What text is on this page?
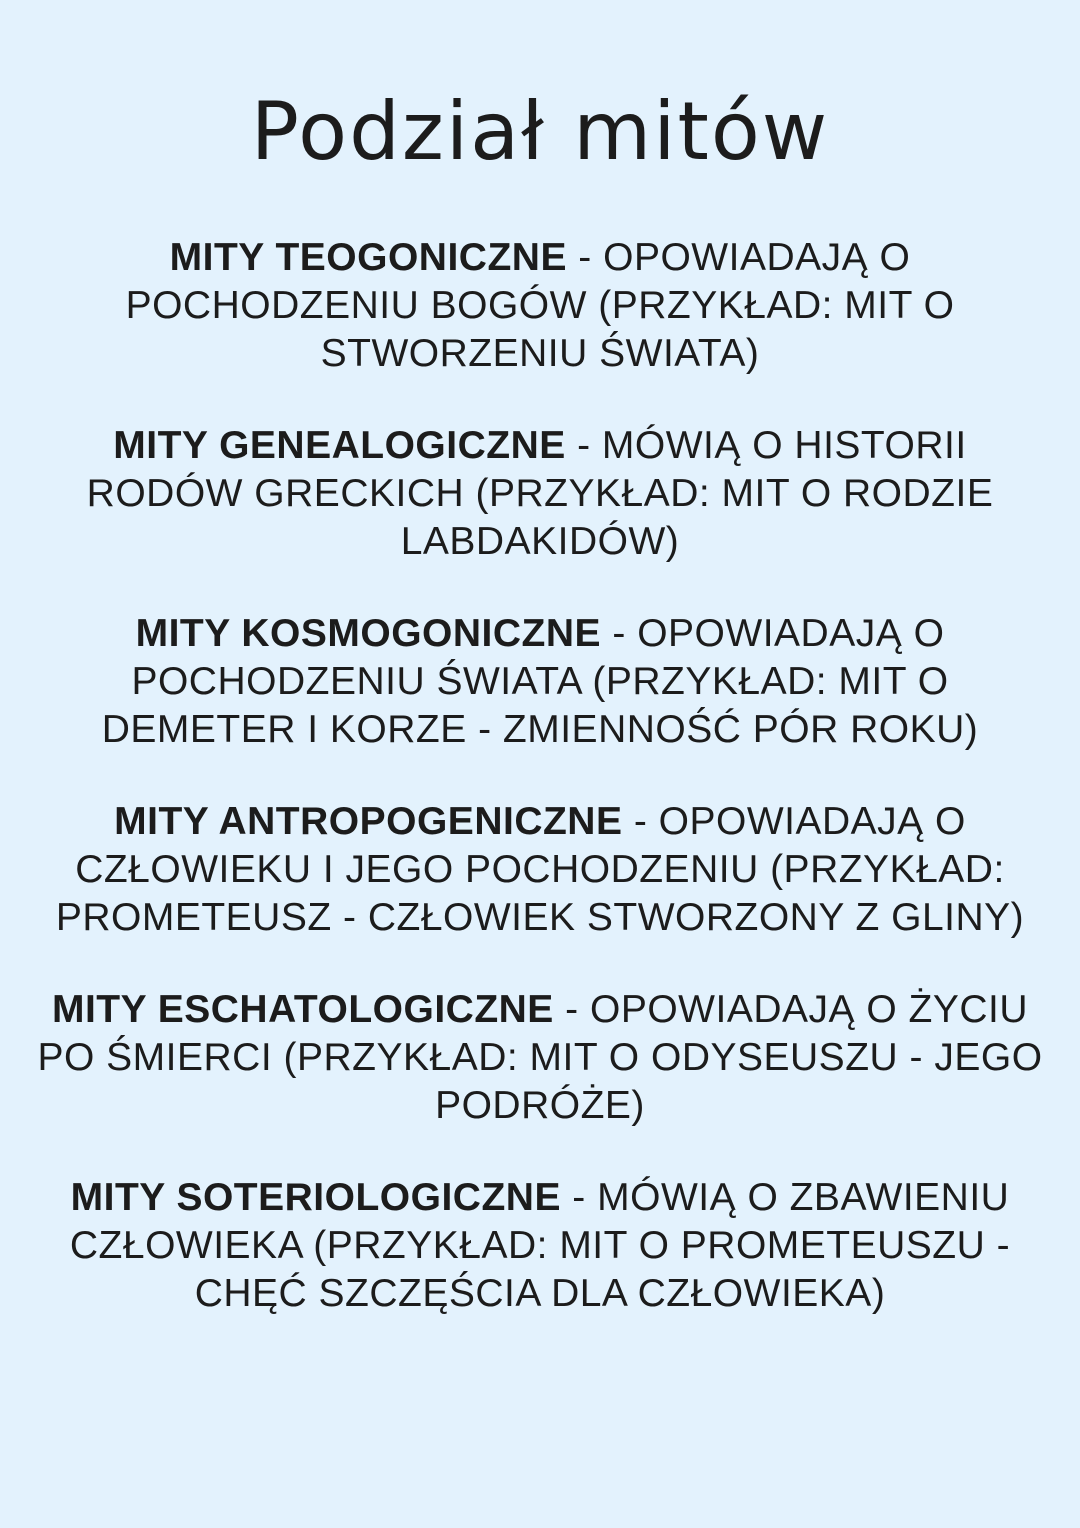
Podział mitów

MITY TEOGONICZNE - OPOWIADAJĄ O
POCHODZENIU BOGÓW (PRZYKŁAD: MIT O
STWORZENIU ŚWIATA)

MITY GENEALOGICZNE - MÓWIĄ O HISTORII
RODÓW GRECKICH (PRZYKŁAD: MIT O RODZIE
LABDAKIDÓW)

MITY KOSMOGONICZNE - OPOWIADAJĄ O
POCHODZENIU ŚWIATA (PRZYKŁAD: MIT O
DEMETER I KORZE - ZMIENNOŚĆ PÓR ROKU)

MITY ANTROPOGENICZNE - OPOWIADAJĄ O
CZŁOWIEKU I JEGO POCHODZENIU (PRZYKŁAD:
PROMETEUSZ - CZŁOWIEK STWORZONY Z GLINY)

MITY ESCHATOLOGICZNE - OPOWIADAJĄ O ŻYCIU
PO ŚMIERCI (PRZYKŁAD: MIT O ODYSEUSZU - JEGO
PODRÓŻE)

MITY SOTERIOLOGICZNE - MÓWIĄ O ZBAWIENIU
CZŁOWIEKA (PRZYKŁAD: MIT O PROMETEUSZU -
CHĘĆ SZCZĘŚCIA DLA CZŁOWIEKA)
